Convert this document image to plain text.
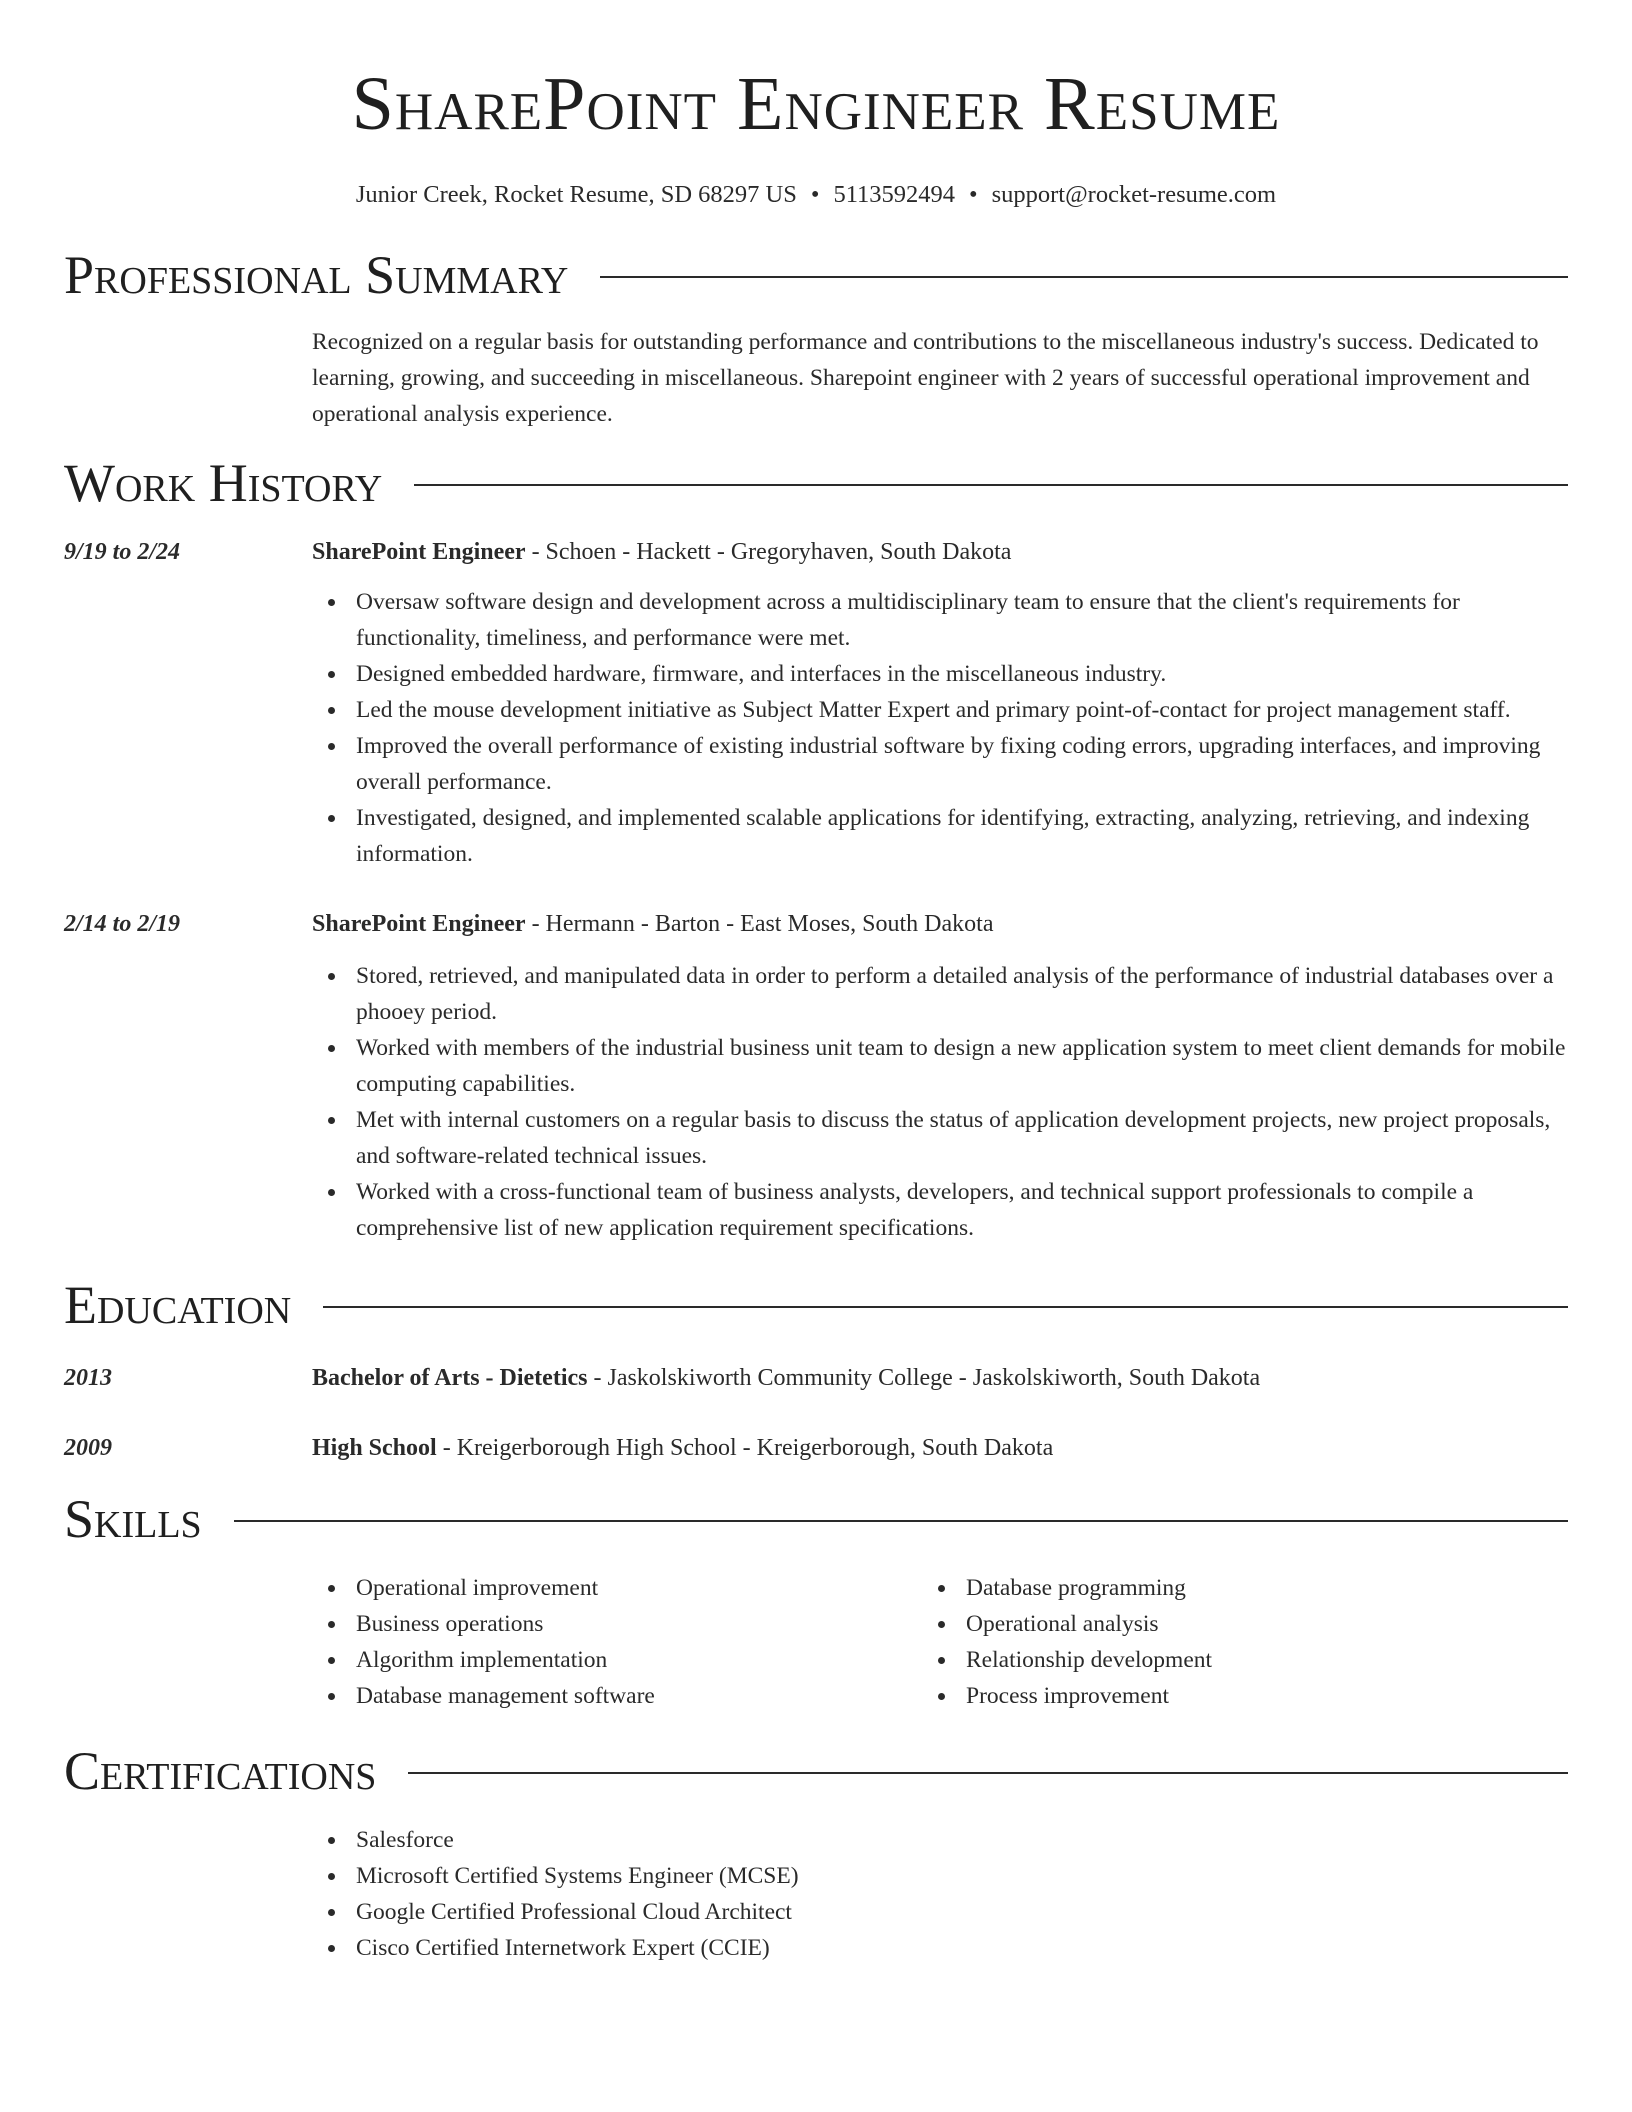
SharePoint Engineer Resume
Junior Creek, Rocket Resume, SD 68297 US • 5113592494 • support@rocket-resume.com
Professional Summary
Recognized on a regular basis for outstanding performance and contributions to the miscellaneous industry's success. Dedicated to learning, growing, and succeeding in miscellaneous. Sharepoint engineer with 2 years of successful operational improvement and operational analysis experience.
Work History
9/19 to 2/24	SharePoint Engineer - Schoen - Hackett - Gregoryhaven, South Dakota
Oversaw software design and development across a multidisciplinary team to ensure that the client's requirements for functionality, timeliness, and performance were met.
Designed embedded hardware, firmware, and interfaces in the miscellaneous industry.
Led the mouse development initiative as Subject Matter Expert and primary point-of-contact for project management staff.
Improved the overall performance of existing industrial software by fixing coding errors, upgrading interfaces, and improving overall performance.
Investigated, designed, and implemented scalable applications for identifying, extracting, analyzing, retrieving, and indexing information.
2/14 to 2/19	SharePoint Engineer - Hermann - Barton - East Moses, South Dakota
Stored, retrieved, and manipulated data in order to perform a detailed analysis of the performance of industrial databases over a phooey period.
Worked with members of the industrial business unit team to design a new application system to meet client demands for mobile computing capabilities.
Met with internal customers on a regular basis to discuss the status of application development projects, new project proposals, and software-related technical issues.
Worked with a cross-functional team of business analysts, developers, and technical support professionals to compile a comprehensive list of new application requirement specifications.
Education
2013	Bachelor of Arts - Dietetics - Jaskolskiworth Community College - Jaskolskiworth, South Dakota
2009	High School - Kreigerborough High School - Kreigerborough, South Dakota
Skills
Operational improvement
Business operations
Algorithm implementation
Database management software
Database programming
Operational analysis
Relationship development
Process improvement
Certifications
Salesforce
Microsoft Certified Systems Engineer (MCSE)
Google Certified Professional Cloud Architect
Cisco Certified Internetwork Expert (CCIE)
